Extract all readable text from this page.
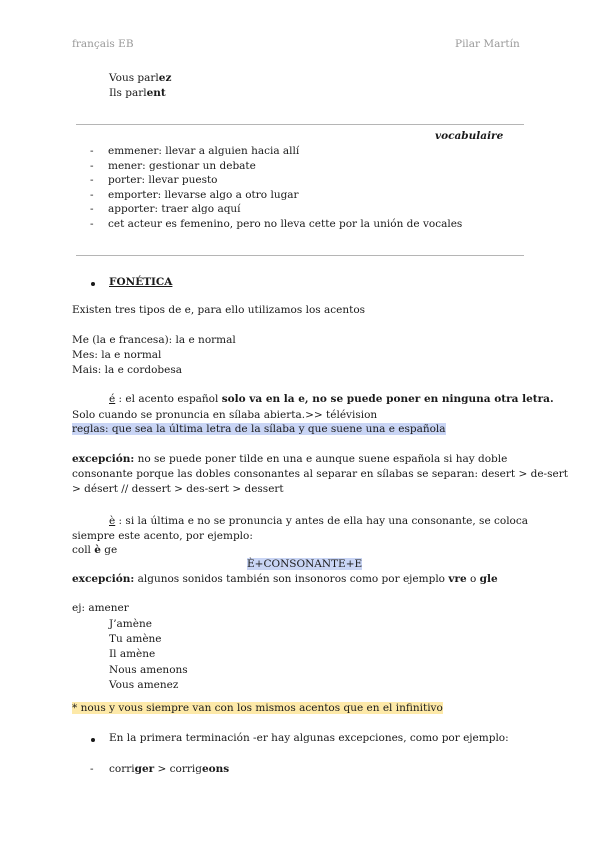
français EB	Pilar Martín
Vous parlez
Ils parlent
vocabulaire
- emmener: llevar a alguien hacia allí
- mener: gestionar un debate
- porter: llevar puesto
- emporter: llevarse algo a otro lugar
- apporter: traer algo aquí
- cet acteur es femenino, pero no lleva cette por la unión de vocales
FONÉTICA
Existen tres tipos de e, para ello utilizamos los acentos
Me (la e francesa): la e normal
Mes: la e normal
Mais: la e cordobesa
é : el acento español solo va en la e, no se puede poner en ninguna otra letra.
Solo cuando se pronuncia en sílaba abierta.>> télévision
reglas: que sea la última letra de la sílaba y que suene una e española
excepción: no se puede poner tilde en una e aunque suene española si hay doble
consonante porque las dobles consonantes al separar en sílabas se separan: desert > de-sert
> désert // dessert > des-sert > dessert
è : si la última e no se pronuncia y antes de ella hay una consonante, se coloca
siempre este acento, por ejemplo:
coll è ge
È+CONSONANTE+E
excepción: algunos sonidos también son insonoros como por ejemplo vre o gle
ej: amener
J’amène
Tu amène
Il amène
Nous amenons
Vous amenez
* nous y vous siempre van con los mismos acentos que en el infinitivo
En la primera terminación -er hay algunas excepciones, como por ejemplo:
- corriger > corrigeons
